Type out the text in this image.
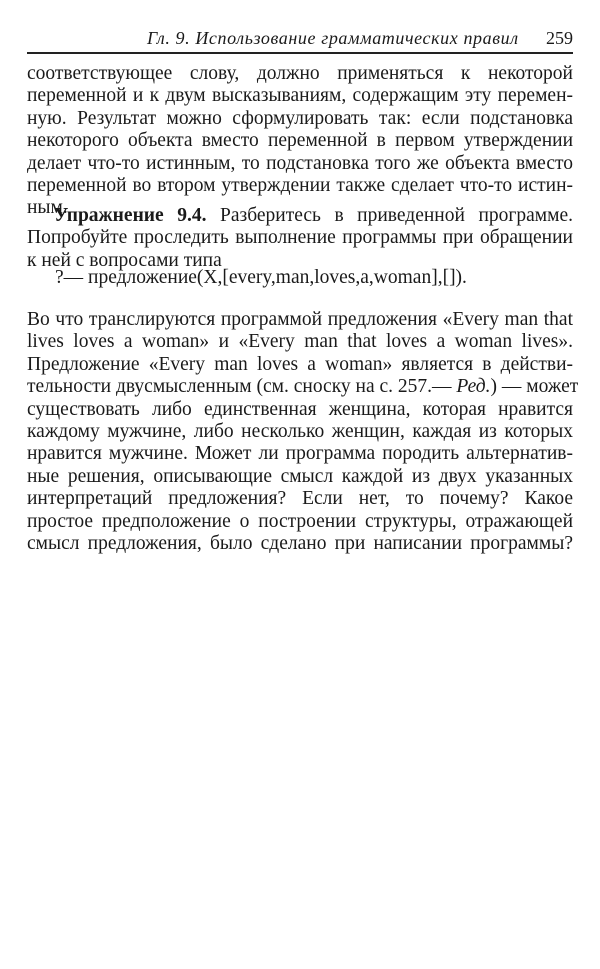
Гл. 9. Использование грамматических правил 259
соответствующее слову, должно применяться к некоторой
переменной и к двум высказываниям, содержащим эту перемен-
ную. Результат можно сформулировать так: если подстановка
некоторого объекта вместо переменной в первом утверждении
делает что-то истинным, то подстановка того же объекта вместо
переменной во втором утверждении также сделает что-то истин-
ным.
Упражнение 9.4. Разберитесь в приведенной программе.
Попробуйте проследить выполнение программы при обращении
к ней с вопросами типа
?— предложение(X,[every,man,loves,a,woman],[]).
Во что транслируются программой предложения «Every man that
lives loves a woman» и «Every man that loves a woman lives».
Предложение «Every man loves a woman» является в действи-
тельности двусмысленным (см. сноску на с. 257.— Ред.) — может
существовать либо единственная женщина, которая нравится
каждому мужчине, либо несколько женщин, каждая из которых
нравится мужчине. Может ли программа породить альтернатив-
ные решения, описывающие смысл каждой из двух указанных
интерпретаций предложения? Если нет, то почему? Какое
простое предположение о построении структуры, отражающей
смысл предложения, было сделано при написании программы?
